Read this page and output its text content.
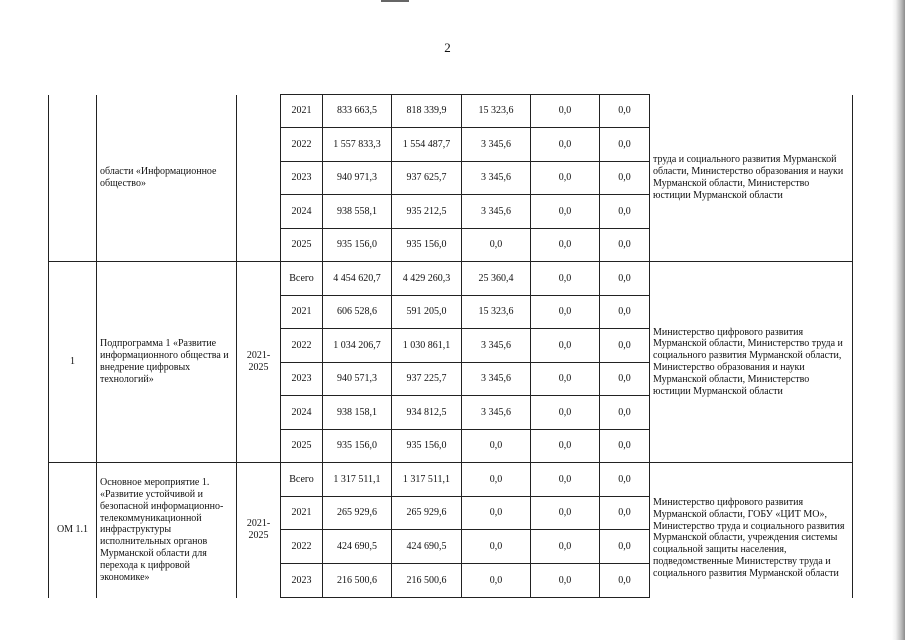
2
	области «Информационное общество»		2021	833 663,5	818 339,9	15 323,6	0,0	0,0	труда и социального развития Мурманской области, Министерство образования и науки Мурманской области, Министерство юстиции Мурманской области
			2022	1 557 833,3	1 554 487,7	3 345,6	0,0	0,0	
			2023	940 971,3	937 625,7	3 345,6	0,0	0,0	
			2024	938 558,1	935 212,5	3 345,6	0,0	0,0	
			2025	935 156,0	935 156,0	0,0	0,0	0,0	
1	Подпрограмма 1 «Развитие информационного общества и внедрение цифровых технологий»	2021-2025	Всего	4 454 620,7	4 429 260,3	25 360,4	0,0	0,0	Министерство цифрового развития Мурманской области, Министерство труда и социального развития Мурманской области, Министерство образования и науки Мурманской области, Министерство юстиции Мурманской области
			2021	606 528,6	591 205,0	15 323,6	0,0	0,0	
			2022	1 034 206,7	1 030 861,1	3 345,6	0,0	0,0	
			2023	940 571,3	937 225,7	3 345,6	0,0	0,0	
			2024	938 158,1	934 812,5	3 345,6	0,0	0,0	
			2025	935 156,0	935 156,0	0,0	0,0	0,0	
ОМ 1.1	Основное мероприятие 1. «Развитие устойчивой и безопасной информационно-телекоммуникационной инфраструктуры исполнительных органов Мурманской области для перехода к цифровой экономике»	2021-2025	Всего	1 317 511,1	1 317 511,1	0,0	0,0	0,0	Министерство цифрового развития Мурманской области, ГОБУ «ЦИТ МО», Министерство труда и социального развития Мурманской области, учреждения системы социальной защиты населения, подведомственные Министерству труда и социального развития Мурманской области
			2021	265 929,6	265 929,6	0,0	0,0	0,0	
			2022	424 690,5	424 690,5	0,0	0,0	0,0	
			2023	216 500,6	216 500,6	0,0	0,0	0,0	
